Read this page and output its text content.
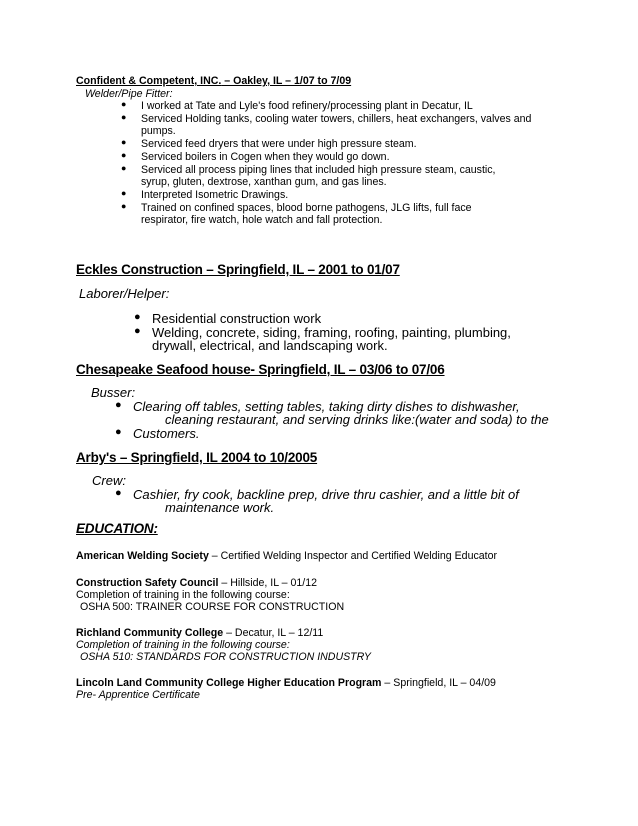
Confident & Competent, INC. – Oakley, IL – 1/07 to 7/09
Welder/Pipe Fitter:
● I worked at Tate and Lyle's food refinery/processing plant in Decatur, IL
● Serviced Holding tanks, cooling water towers, chillers, heat exchangers, valves and
pumps.
● Serviced feed dryers that were under high pressure steam.
● Serviced boilers in Cogen when they would go down.
● Serviced all process piping lines that included high pressure steam, caustic,
syrup, gluten, dextrose, xanthan gum, and gas lines.
● Interpreted Isometric Drawings.
● Trained on confined spaces, blood borne pathogens, JLG lifts, full face
respirator, fire watch, hole watch and fall protection.
Eckles Construction – Springfield, IL – 2001 to 01/07
Laborer/Helper:
● Residential construction work
● Welding, concrete, siding, framing, roofing, painting, plumbing,
drywall, electrical, and landscaping work.
Chesapeake Seafood house- Springfield, IL – 03/06 to 07/06
Busser:
● Clearing off tables, setting tables, taking dirty dishes to dishwasher,
cleaning restaurant, and serving drinks like:(water and soda) to the
● Customers.
Arby's – Springfield, IL 2004 to 10/2005
Crew:
● Cashier, fry cook, backline prep, drive thru cashier, and a little bit of
maintenance work.
EDUCATION:
American Welding Society – Certified Welding Inspector and Certified Welding Educator
Construction Safety Council – Hillside, IL – 01/12
Completion of training in the following course:
OSHA 500: TRAINER COURSE FOR CONSTRUCTION
Richland Community College – Decatur, IL – 12/11
Completion of training in the following course:
OSHA 510: STANDARDS FOR CONSTRUCTION INDUSTRY
Lincoln Land Community College Higher Education Program – Springfield, IL – 04/09
Pre- Apprentice Certificate
